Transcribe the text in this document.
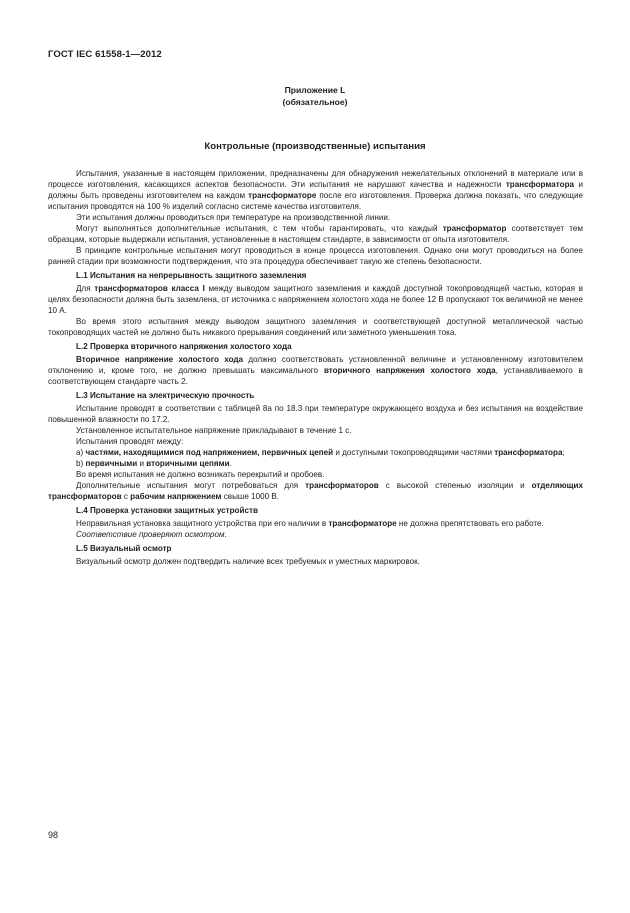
ГОСТ IEC 61558-1—2012
Приложение L
(обязательное)
Контрольные (производственные) испытания

Испытания, указанные в настоящем приложении, предназначены для обнаружения нежелательных отклонений в материале или в процессе изготовления, касающихся аспектов безопасности. Эти испытания не нарушают качества и надежности трансформатора и должны быть проведены изготовителем на каждом трансформаторе после его изготовления. Проверка должна показать, что следующие испытания проводятся на 100 % изделий согласно системе качества изготовителя.

Эти испытания должны проводиться при температуре на производственной линии.

Могут выполняться дополнительные испытания, с тем чтобы гарантировать, что каждый трансформатор соответствует тем образцам, которые выдержали испытания, установленные в настоящем стандарте, в зависимости от опыта изготовителя.

В принципе контрольные испытания могут проводиться в конце процесса изготовления. Однако они могут проводиться на более ранней стадии при возможности подтверждения, что эта процедура обеспечивает такую же степень безопасности.

L.1 Испытания на непрерывность защитного заземления

Для трансформаторов класса I между выводом защитного заземления и каждой доступной токопроводящей частью, которая в целях безопасности должна быть заземлена, от источника с напряжением холостого хода не более 12 В пропускают ток величиной не менее 10 А.

Во время этого испытания между выводом защитного заземления и соответствующей доступной металлической частью токопроводящих частей не должно быть никакого прерывания соединений или заметного уменьшения тока.

L.2 Проверка вторичного напряжения холостого хода

Вторичное напряжение холостого хода должно соответствовать установленной величине и установленному изготовителем отклонению и, кроме того, не должно превышать максимального вторичного напряжения холостого хода, устанавливаемого в соответствующем стандарте часть 2.

L.3 Испытание на электрическую прочность

Испытание проводят в соответствии с таблицей 8а по 18.3 при температуре окружающего воздуха и без испытания на воздействие повышенной влажности по 17.2.

Установленное испытательное напряжение прикладывают в течение 1 с.

Испытания проводят между:

a) частями, находящимися под напряжением, первичных цепей и доступными токопроводящими частями трансформатора;

b) первичными и вторичными цепями.

Во время испытания не должно возникать перекрытий и пробоев.

Дополнительные испытания могут потребоваться для трансформаторов с высокой степенью изоляции и отделяющих трансформаторов с рабочим напряжением свыше 1000 В.

L.4 Проверка установки защитных устройств

Неправильная установка защитного устройства при его наличии в трансформаторе не должна препятствовать его работе.

Соответствие проверяют осмотром.

L.5 Визуальный осмотр

Визуальный осмотр должен подтвердить наличие всех требуемых и уместных маркировок.

98
